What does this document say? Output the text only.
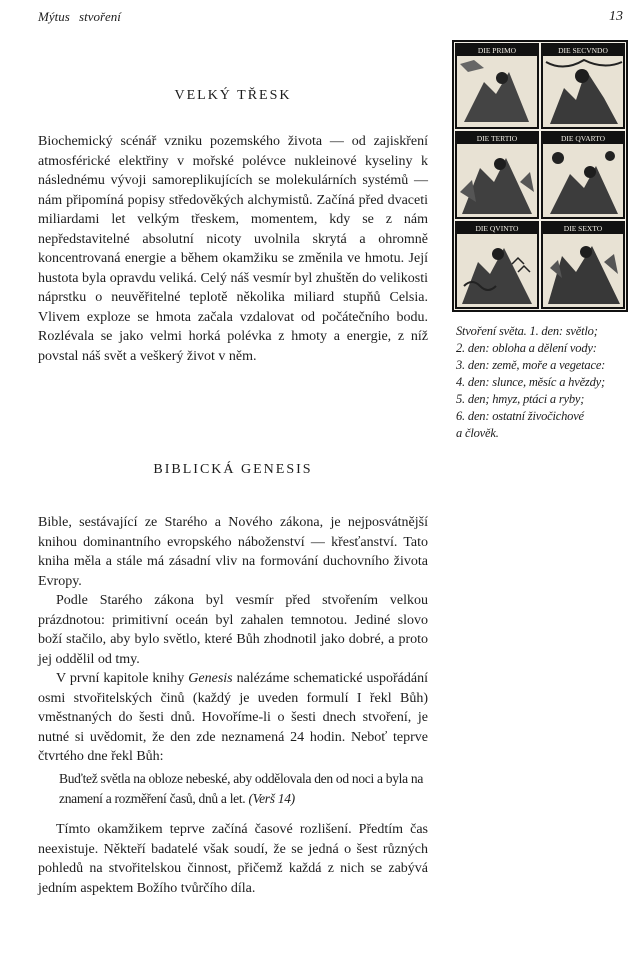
Mýtus stvoření	13
VELKÝ TŘESK

Biochemický scénář vzniku pozemského života — od zajiskření atmosférické elektřiny v mořské polévce nukleinové kyseliny k následnému vývoji samoreplikujících se molekulárních systémů — nám připomíná popisy středověkých alchymistů. Začíná před dvaceti miliardami let velkým třeskem, momentem, kdy se z nám nepředstavitelné absolutní nicoty uvolnila skrytá a ohromně koncentrovaná energie a během okamžiku se změnila ve hmotu. Její hustota byla opravdu veliká. Celý náš vesmír byl zhuštěn do velikosti náprstku o neuvěřitelné teplotě několika miliard stupňů Celsia. Vlivem exploze se hmota začala vzdalovat od počátečního bodu. Rozlévala se jako velmi horká polévka z hmoty a energie, z níž povstal náš svět a veškerý život v něm.

BIBLICKÁ GENESIS

Bible, sestávající ze Starého a Nového zákona, je nejposvátnější knihou dominantního evropského náboženství — křesťanství. Tato kniha měla a stále má zásadní vliv na formování duchovního života Evropy.

Podle Starého zákona byl vesmír před stvořením velkou prázdnotou: primitivní oceán byl zahalen temnotou. Jediné slovo boží stačilo, aby bylo světlo, které Bůh zhodnotil jako dobré, a proto jej oddělil od tmy.

V první kapitole knihy Genesis nalézáme schematické uspořádání osmi stvořitelských činů (každý je uveden formulí I řekl Bůh) vměstnaných do šesti dnů. Hovoříme-li o šesti dnech stvoření, je nutné si uvědomit, že den zde neznamená 24 hodin. Neboť teprve čtvrtého dne řekl Bůh:

Buďtež světla na obloze nebeské, aby oddělovala den od noci a byla na znamení a rozměření časů, dnů a let. (Verš 14)

Tímto okamžikem teprve začíná časové rozlišení. Předtím čas neexistuje. Někteří badatelé však soudí, že se jedná o šest různých pohledů na stvořitelskou činnost, přičemž každá z nich se zabývá jedním aspektem Božího tvůrčího díla.

DIE PRIMO	DIE SECVNDO
DIE TERTIO	DIE QVARTO
DIE QVINTO	DIE SEXTO
Stvoření světa. 1. den: světlo;
2. den: obloha a dělení vody:
3. den: země, moře a vegetace:
4. den: slunce, měsíc a hvězdy;
5. den; hmyz, ptáci a ryby;
6. den: ostatní živočichové
a člověk.
